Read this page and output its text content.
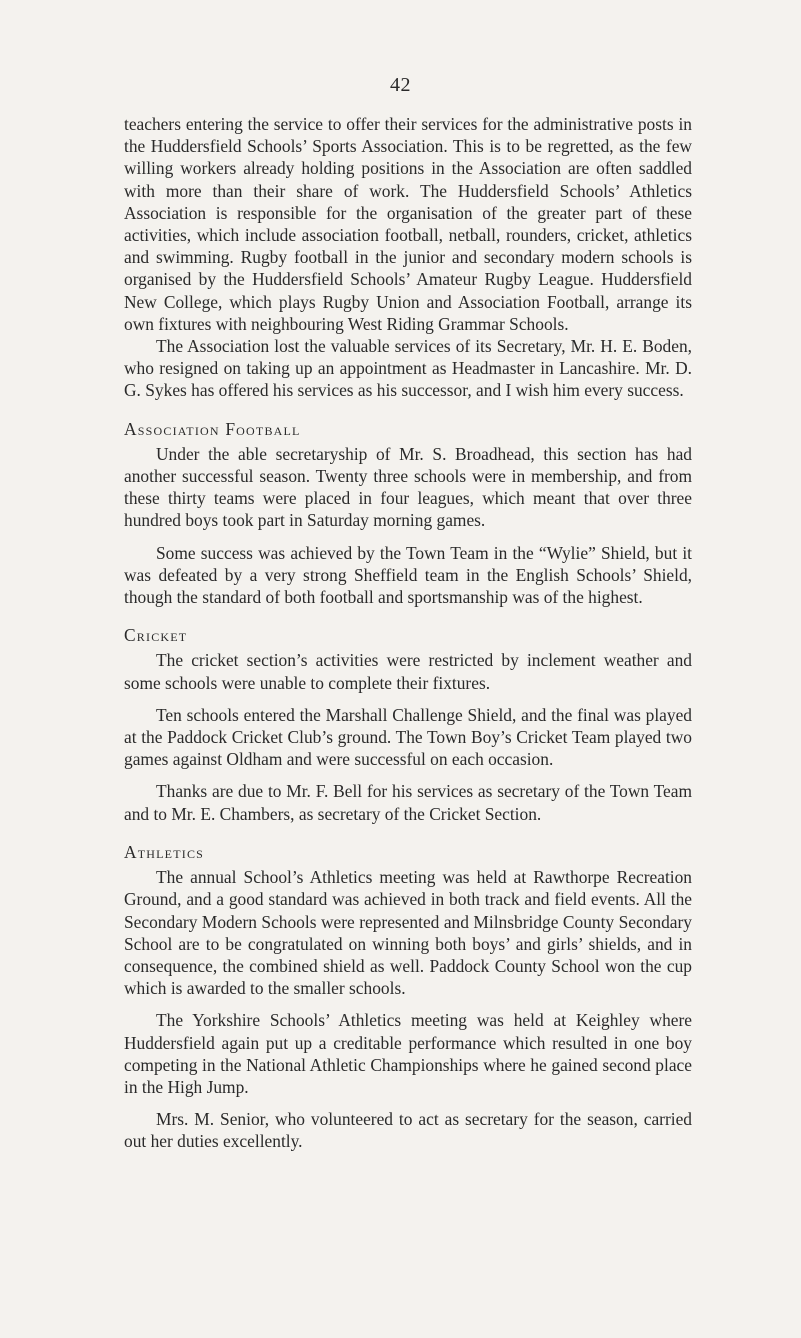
42

teachers entering the service to offer their services for the administrative posts in the Huddersfield Schools’ Sports Association. This is to be regretted, as the few willing workers already holding positions in the Association are often saddled with more than their share of work. The Huddersfield Schools’ Athletics Association is responsible for the organisation of the greater part of these activities, which include association football, netball, rounders, cricket, athletics and swimming. Rugby football in the junior and secondary modern schools is organised by the Huddersfield Schools’ Amateur Rugby League. Huddersfield New College, which plays Rugby Union and Association Football, arrange its own fixtures with neighbouring West Riding Grammar Schools.

The Association lost the valuable services of its Secretary, Mr. H. E. Boden, who resigned on taking up an appointment as Headmaster in Lancashire. Mr. D. G. Sykes has offered his services as his successor, and I wish him every success.

Association Football

Under the able secretaryship of Mr. S. Broadhead, this section has had another successful season. Twenty three schools were in membership, and from these thirty teams were placed in four leagues, which meant that over three hundred boys took part in Saturday morning games.

Some success was achieved by the Town Team in the “Wylie” Shield, but it was defeated by a very strong Sheffield team in the English Schools’ Shield, though the standard of both football and sportsmanship was of the highest.

Cricket

The cricket section’s activities were restricted by inclement weather and some schools were unable to complete their fixtures.

Ten schools entered the Marshall Challenge Shield, and the final was played at the Paddock Cricket Club’s ground. The Town Boy’s Cricket Team played two games against Oldham and were successful on each occasion.

Thanks are due to Mr. F. Bell for his services as secretary of the Town Team and to Mr. E. Chambers, as secretary of the Cricket Section.

Athletics

The annual School’s Athletics meeting was held at Rawthorpe Recreation Ground, and a good standard was achieved in both track and field events. All the Secondary Modern Schools were represented and Milnsbridge County Secondary School are to be congratulated on winning both boys’ and girls’ shields, and in consequence, the combined shield as well. Paddock County School won the cup which is awarded to the smaller schools.

The Yorkshire Schools’ Athletics meeting was held at Keighley where Huddersfield again put up a creditable performance which resulted in one boy competing in the National Athletic Championships where he gained second place in the High Jump.

Mrs. M. Senior, who volunteered to act as secretary for the season, carried out her duties excellently.
